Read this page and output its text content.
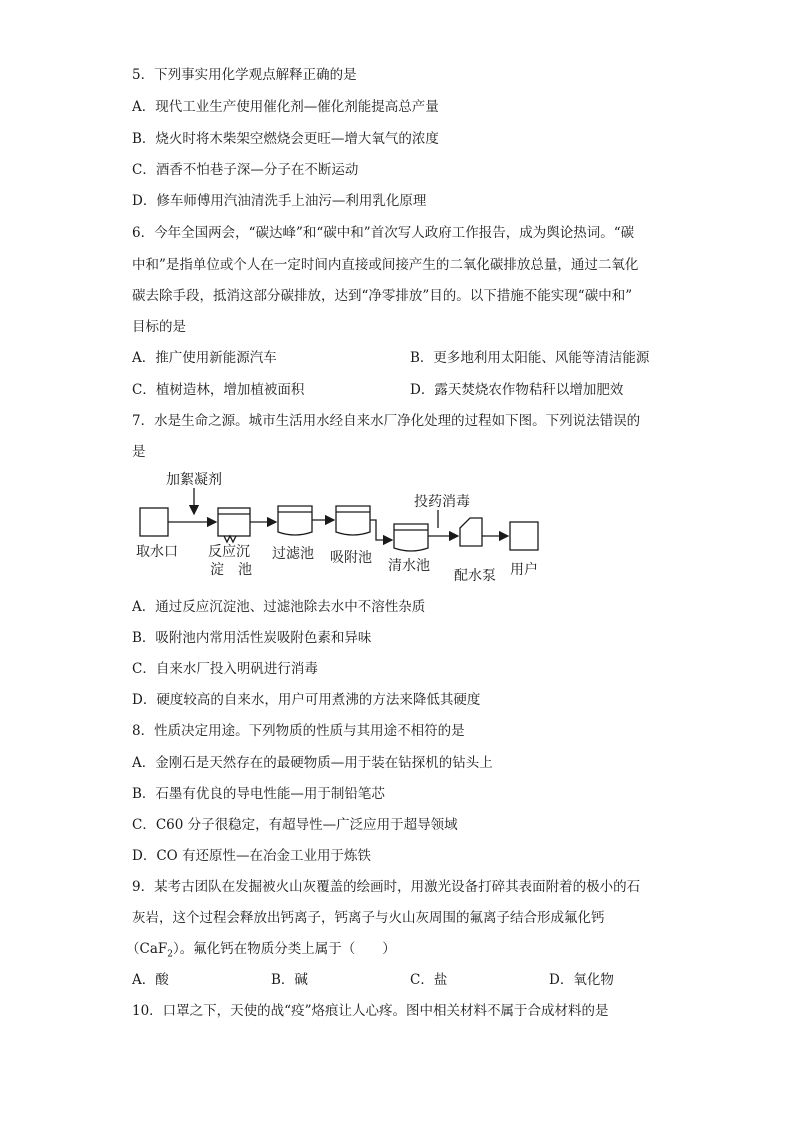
5．下列事实用化学观点解释正确的是
A．现代工业生产使用催化剂—催化剂能提高总产量
B．烧火时将木柴架空燃烧会更旺—增大氧气的浓度
C．酒香不怕巷子深—分子在不断运动
D．修车师傅用汽油清洗手上油污—利用乳化原理
6．今年全国两会，“碳达峰”和“碳中和”首次写人政府工作报告，成为舆论热词。“碳
中和”是指单位或个人在一定时间内直接或间接产生的二氧化碳排放总量，通过二氧化
碳去除手段，抵消这部分碳排放，达到“净零排放”目的。以下措施不能实现“碳中和”
目标的是
A．推广使用新能源汽车	B．更多地利用太阳能、风能等清洁能源
C．植树造林，增加植被面积	D．露天焚烧农作物秸秆以增加肥效
7．水是生命之源。城市生活用水经自来水厂净化处理的过程如下图。下列说法错误的
是
加絮凝剂
投药消毒
取水口 反应沉
淀　池
过滤池 吸附池 清水池
配水泵 用户
A．通过反应沉淀池、过滤池除去水中不溶性杂质
B．吸附池内常用活性炭吸附色素和异味
C．自来水厂投入明矾进行消毒
D．硬度较高的自来水，用户可用煮沸的方法来降低其硬度
8．性质决定用途。下列物质的性质与其用途不相符的是
A．金刚石是天然存在的最硬物质—用于装在钻探机的钻头上
B．石墨有优良的导电性能—用于制铅笔芯
C．C60 分子很稳定，有超导性—广泛应用于超导领域
D．CO 有还原性—在冶金工业用于炼铁
9．某考古团队在发掘被火山灰覆盖的绘画时，用激光设备打碎其表面附着的极小的石
灰岩，这个过程会释放出钙离子，钙离子与火山灰周围的氟离子结合形成氟化钙
（CaF$_2$）。氟化钙在物质分类上属于（　　）
A．酸	B．碱	C．盐	D．氧化物
10．口罩之下，天使的战“疫”烙痕让人心疼。图中相关材料不属于合成材料的是
